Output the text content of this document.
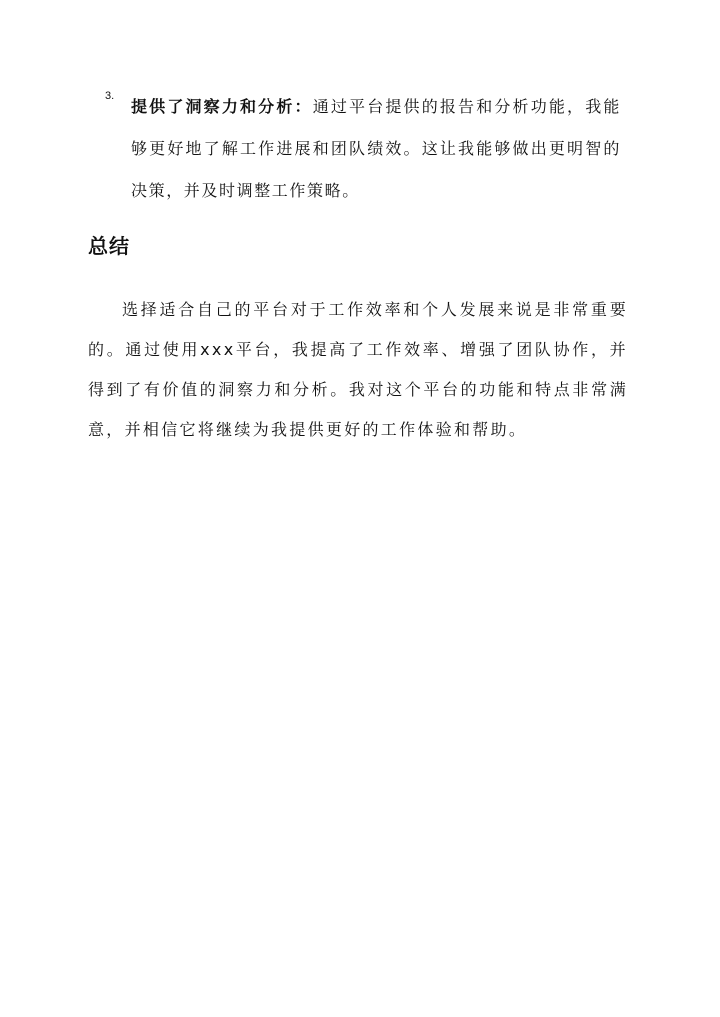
3.
提供了洞察力和分析：通过平台提供的报告和分析功能，我能够更好地了解工作进展和团队绩效。这让我能够做出更明智的决策，并及时调整工作策略。
总结

选择适合自己的平台对于工作效率和个人发展来说是非常重要的。通过使用xxx平台，我提高了工作效率、增强了团队协作，并得到了有价值的洞察力和分析。我对这个平台的功能和特点非常满意，并相信它将继续为我提供更好的工作体验和帮助。
